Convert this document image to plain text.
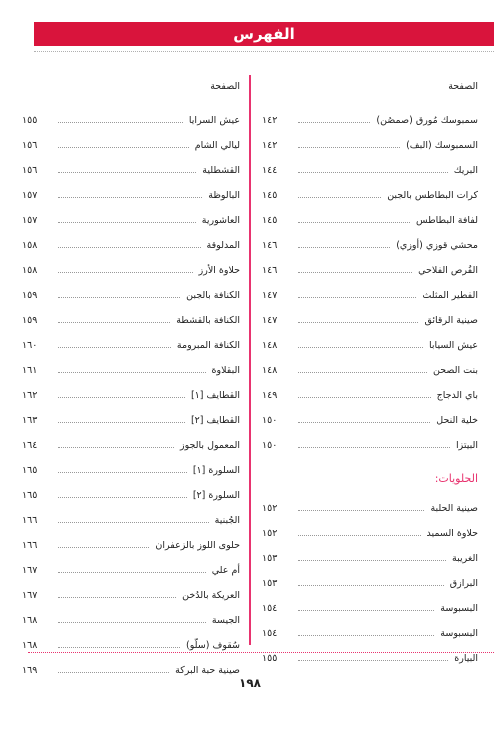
الفهرس
الصفحة
سمبوسك مُورق (صمصُن)
١٤٢
السمبوسك (البف)
١٤٢
البريك
١٤٤
كرات البطاطس بالجبن
١٤٥
لفافة البطاطس
١٤٥
محشي قوزي (أوزي)
١٤٦
القُرص الفلاحي
١٤٦
الفطير المثلث
١٤٧
صينية الرقائق
١٤٧
عيش السيابا
١٤٨
بنت الصحن
١٤٨
باي الدجاج
١٤٩
خلية النحل
١٥٠
البيتزا
١٥٠
الحلويات:
صينية الحلبة
١٥٢
حلاوة السميد
١٥٢
الغريبة
١٥٣
البرازق
١٥٣
البسبوسة
١٥٤
البسبوسة
١٥٤
البيارة
١٥٥
الصفحة
عيش السرايا
١٥٥
ليالي الشام
١٥٦
القشطلية
١٥٦
البالوظة
١٥٧
العاشورية
١٥٧
المدلوقة
١٥٨
حلاوة الأرز
١٥٨
الكنافة بالجبن
١٥٩
الكنافة بالقشطة
١٥٩
الكنافة المبرومة
١٦٠
البقلاوة
١٦١
القطايف [١]
١٦٢
القطايف [٢]
١٦٣
المعمول بالجوز
١٦٤
السلورة [١]
١٦٥
السلورة [٢]
١٦٥
الجُبنية
١٦٦
حلوى اللوز بالزعفران
١٦٦
أم علي
١٦٧
العريكة بالدُخن
١٦٧
الجيسة
١٦٨
سُقوف (سلّو)
١٦٨
صينية حبة البركة
١٦٩
١٩٨
